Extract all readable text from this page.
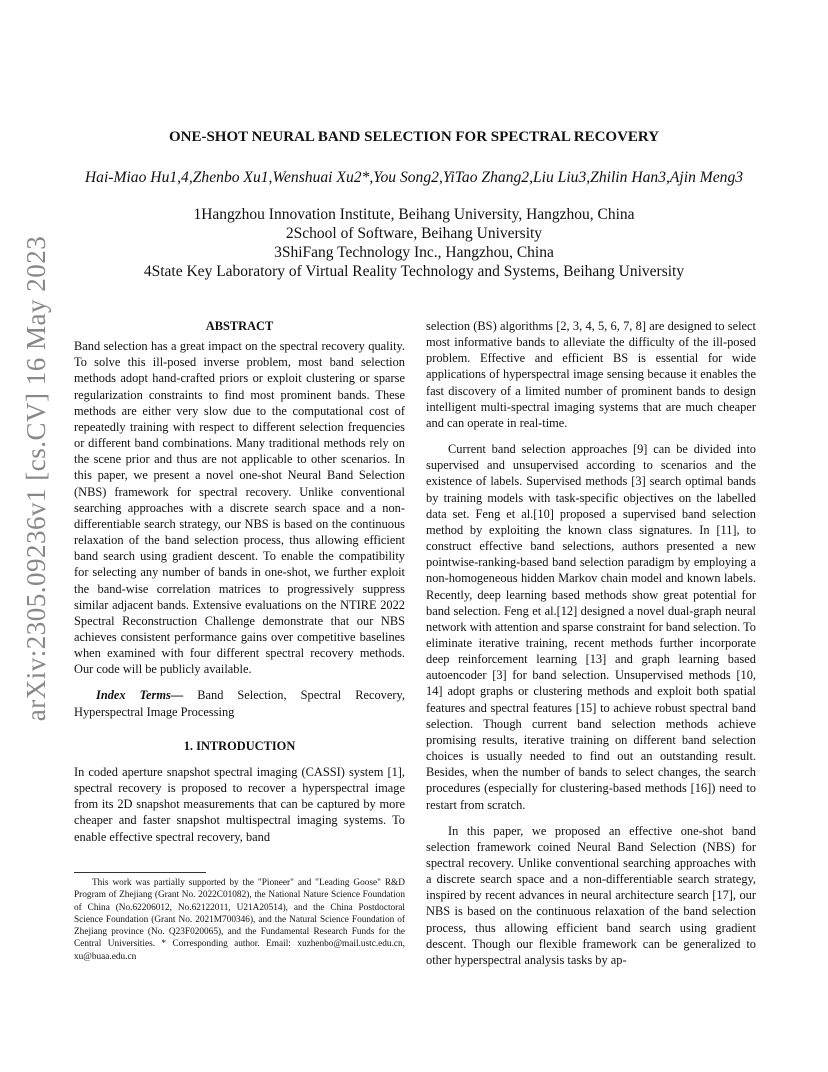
arXiv:2305.09236v1 [cs.CV] 16 May 2023
ONE-SHOT NEURAL BAND SELECTION FOR SPECTRAL RECOVERY
Hai-Miao Hu1,4,Zhenbo Xu1,Wenshuai Xu2*,You Song2,YiTao Zhang2,Liu Liu3,Zhilin Han3,Ajin Meng3
1Hangzhou Innovation Institute, Beihang University, Hangzhou, China
2School of Software, Beihang University
3ShiFang Technology Inc., Hangzhou, China
4State Key Laboratory of Virtual Reality Technology and Systems, Beihang University
ABSTRACT

Band selection has a great impact on the spectral recovery quality. To solve this ill-posed inverse problem, most band selection methods adopt hand-crafted priors or exploit clustering or sparse regularization constraints to find most prominent bands. These methods are either very slow due to the computational cost of repeatedly training with respect to different selection frequencies or different band combinations. Many traditional methods rely on the scene prior and thus are not applicable to other scenarios. In this paper, we present a novel one-shot Neural Band Selection (NBS) framework for spectral recovery. Unlike conventional searching approaches with a discrete search space and a non-differentiable search strategy, our NBS is based on the continuous relaxation of the band selection process, thus allowing efficient band search using gradient descent. To enable the compatibility for selecting any number of bands in one-shot, we further exploit the band-wise correlation matrices to progressively suppress similar adjacent bands. Extensive evaluations on the NTIRE 2022 Spectral Reconstruction Challenge demonstrate that our NBS achieves consistent performance gains over competitive baselines when examined with four different spectral recovery methods. Our code will be publicly available.

Index Terms— Band Selection, Spectral Recovery, Hyperspectral Image Processing

1. INTRODUCTION

In coded aperture snapshot spectral imaging (CASSI) system [1], spectral recovery is proposed to recover a hyperspectral image from its 2D snapshot measurements that can be captured by more cheaper and faster snapshot multispectral imaging systems. To enable effective spectral recovery, band

This work was partially supported by the "Pioneer" and "Leading Goose" R&D Program of Zhejiang (Grant No. 2022C01082), the National Nature Science Foundation of China (No.62206012, No.62122011, U21A20514), and the China Postdoctoral Science Foundation (Grant No. 2021M700346), and the Natural Science Foundation of Zhejiang province (No. Q23F020065), and the Fundamental Research Funds for the Central Universities. * Corresponding author. Email: xuzhenbo@mail.ustc.edu.cn, xu@buaa.edu.cn

selection (BS) algorithms [2, 3, 4, 5, 6, 7, 8] are designed to select most informative bands to alleviate the difficulty of the ill-posed problem. Effective and efficient BS is essential for wide applications of hyperspectral image sensing because it enables the fast discovery of a limited number of prominent bands to design intelligent multi-spectral imaging systems that are much cheaper and can operate in real-time.

Current band selection approaches [9] can be divided into supervised and unsupervised according to scenarios and the existence of labels. Supervised methods [3] search optimal bands by training models with task-specific objectives on the labelled data set. Feng et al.[10] proposed a supervised band selection method by exploiting the known class signatures. In [11], to construct effective band selections, authors presented a new pointwise-ranking-based band selection paradigm by employing a non-homogeneous hidden Markov chain model and known labels. Recently, deep learning based methods show great potential for band selection. Feng et al.[12] designed a novel dual-graph neural network with attention and sparse constraint for band selection. To eliminate iterative training, recent methods further incorporate deep reinforcement learning [13] and graph learning based autoencoder [3] for band selection. Unsupervised methods [10, 14] adopt graphs or clustering methods and exploit both spatial features and spectral features [15] to achieve robust spectral band selection. Though current band selection methods achieve promising results, iterative training on different band selection choices is usually needed to find out an outstanding result. Besides, when the number of bands to select changes, the search procedures (especially for clustering-based methods [16]) need to restart from scratch.

In this paper, we proposed an effective one-shot band selection framework coined Neural Band Selection (NBS) for spectral recovery. Unlike conventional searching approaches with a discrete search space and a non-differentiable search strategy, inspired by recent advances in neural architecture search [17], our NBS is based on the continuous relaxation of the band selection process, thus allowing efficient band search using gradient descent. Though our flexible framework can be generalized to other hyperspectral analysis tasks by ap-
